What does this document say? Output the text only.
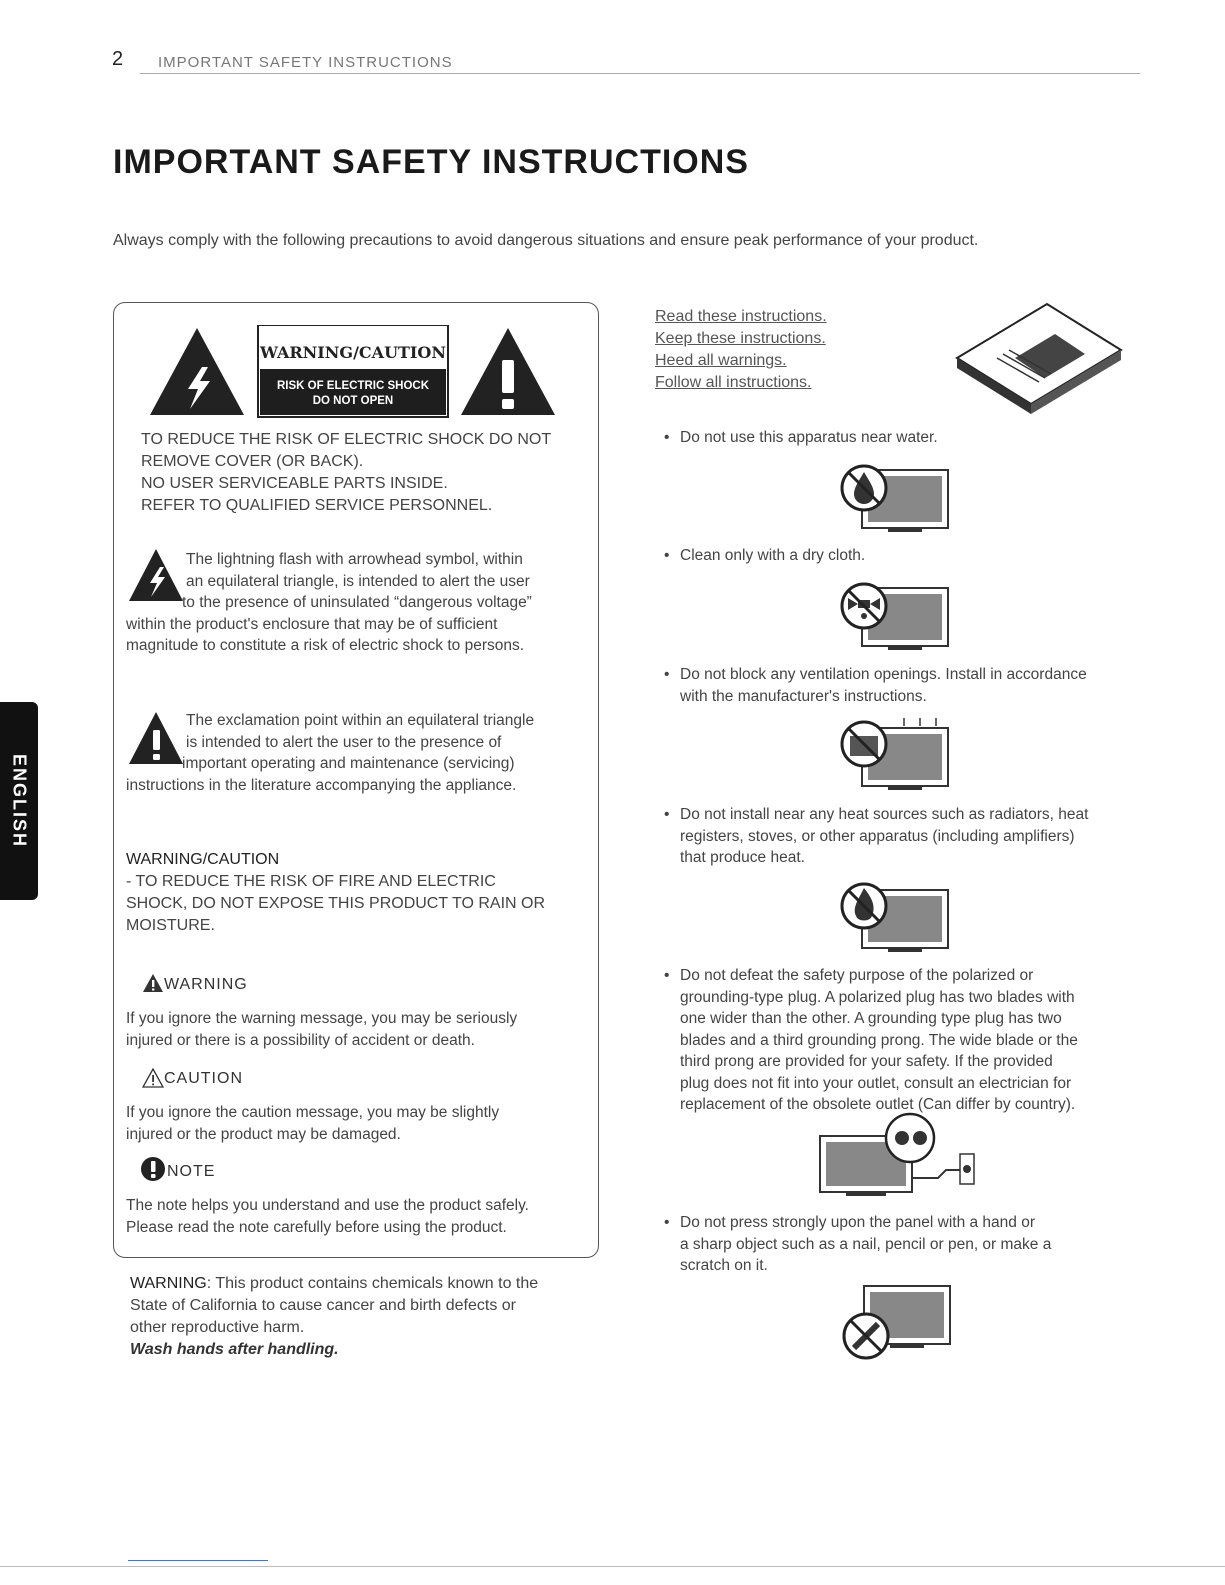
2 IMPORTANT SAFETY INSTRUCTIONS
IMPORTANT SAFETY INSTRUCTIONS
Always comply with the following precautions to avoid dangerous situations and ensure peak performance of your product.
ENGLISH
WARNING/CAUTION
RISK OF ELECTRIC SHOCK
DO NOT OPEN
TO REDUCE THE RISK OF ELECTRIC SHOCK DO NOT
REMOVE COVER (OR BACK).
NO USER SERVICEABLE PARTS INSIDE.
REFER TO QUALIFIED SERVICE PERSONNEL.
The lightning flash with arrowhead symbol, within
an equilateral triangle, is intended to alert the user
to the presence of uninsulated “dangerous voltage”
within the product's enclosure that may be of sufficient
magnitude to constitute a risk of electric shock to persons.
The exclamation point within an equilateral triangle
is intended to alert the user to the presence of
important operating and maintenance (servicing)
instructions in the literature accompanying the appliance.
WARNING/CAUTION
- TO REDUCE THE RISK OF FIRE AND ELECTRIC
SHOCK, DO NOT EXPOSE THIS PRODUCT TO RAIN OR
MOISTURE.
WARNING
If you ignore the warning message, you may be seriously
injured or there is a possibility of accident or death.
CAUTION
If you ignore the caution message, you may be slightly
injured or the product may be damaged.
NOTE
The note helps you understand and use the product safely.
Please read the note carefully before using the product.
WARNING: This product contains chemicals known to the
State of California to cause cancer and birth defects or
other reproductive harm.
Wash hands after handling.
Read these instructions.
Keep these instructions.
Heed all warnings.
Follow all instructions.
• Do not use this apparatus near water.
• Clean only with a dry cloth.
• Do not block any ventilation openings. Install in accordance
with the manufacturer's instructions.
• Do not install near any heat sources such as radiators, heat
registers, stoves, or other apparatus (including amplifiers)
that produce heat.
• Do not defeat the safety purpose of the polarized or
grounding-type plug. A polarized plug has two blades with
one wider than the other. A grounding type plug has two
blades and a third grounding prong. The wide blade or the
third prong are provided for your safety. If the provided
plug does not fit into your outlet, consult an electrician for
replacement of the obsolete outlet (Can differ by country).
• Do not press strongly upon the panel with a hand or
a sharp object such as a nail, pencil or pen, or make a
scratch on it.
